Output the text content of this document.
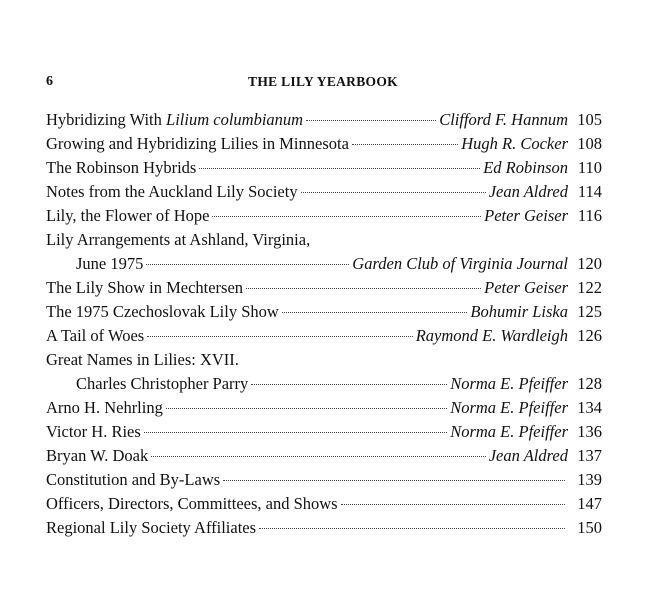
6	THE LILY YEARBOOK
Hybridizing With Lilium columbianum	Clifford F. Hannum 105
Growing and Hybridizing Lilies in Minnesota	Hugh R. Cocker 108
The Robinson Hybrids	Ed Robinson 110
Notes from the Auckland Lily Society	Jean Aldred 114
Lily, the Flower of Hope	Peter Geiser 116
Lily Arrangements at Ashland, Virginia,
June 1975	Garden Club of Virginia Journal 120
The Lily Show in Mechtersen	Peter Geiser 122
The 1975 Czechoslovak Lily Show	Bohumir Liska 125
A Tail of Woes	Raymond E. Wardleigh 126
Great Names in Lilies: XVII.
Charles Christopher Parry	Norma E. Pfeiffer 128
Arno H. Nehrling	Norma E. Pfeiffer 134
Victor H. Ries	Norma E. Pfeiffer 136
Bryan W. Doak	Jean Aldred 137
Constitution and By-Laws	139
Officers, Directors, Committees, and Shows	147
Regional Lily Society Affiliates	150
